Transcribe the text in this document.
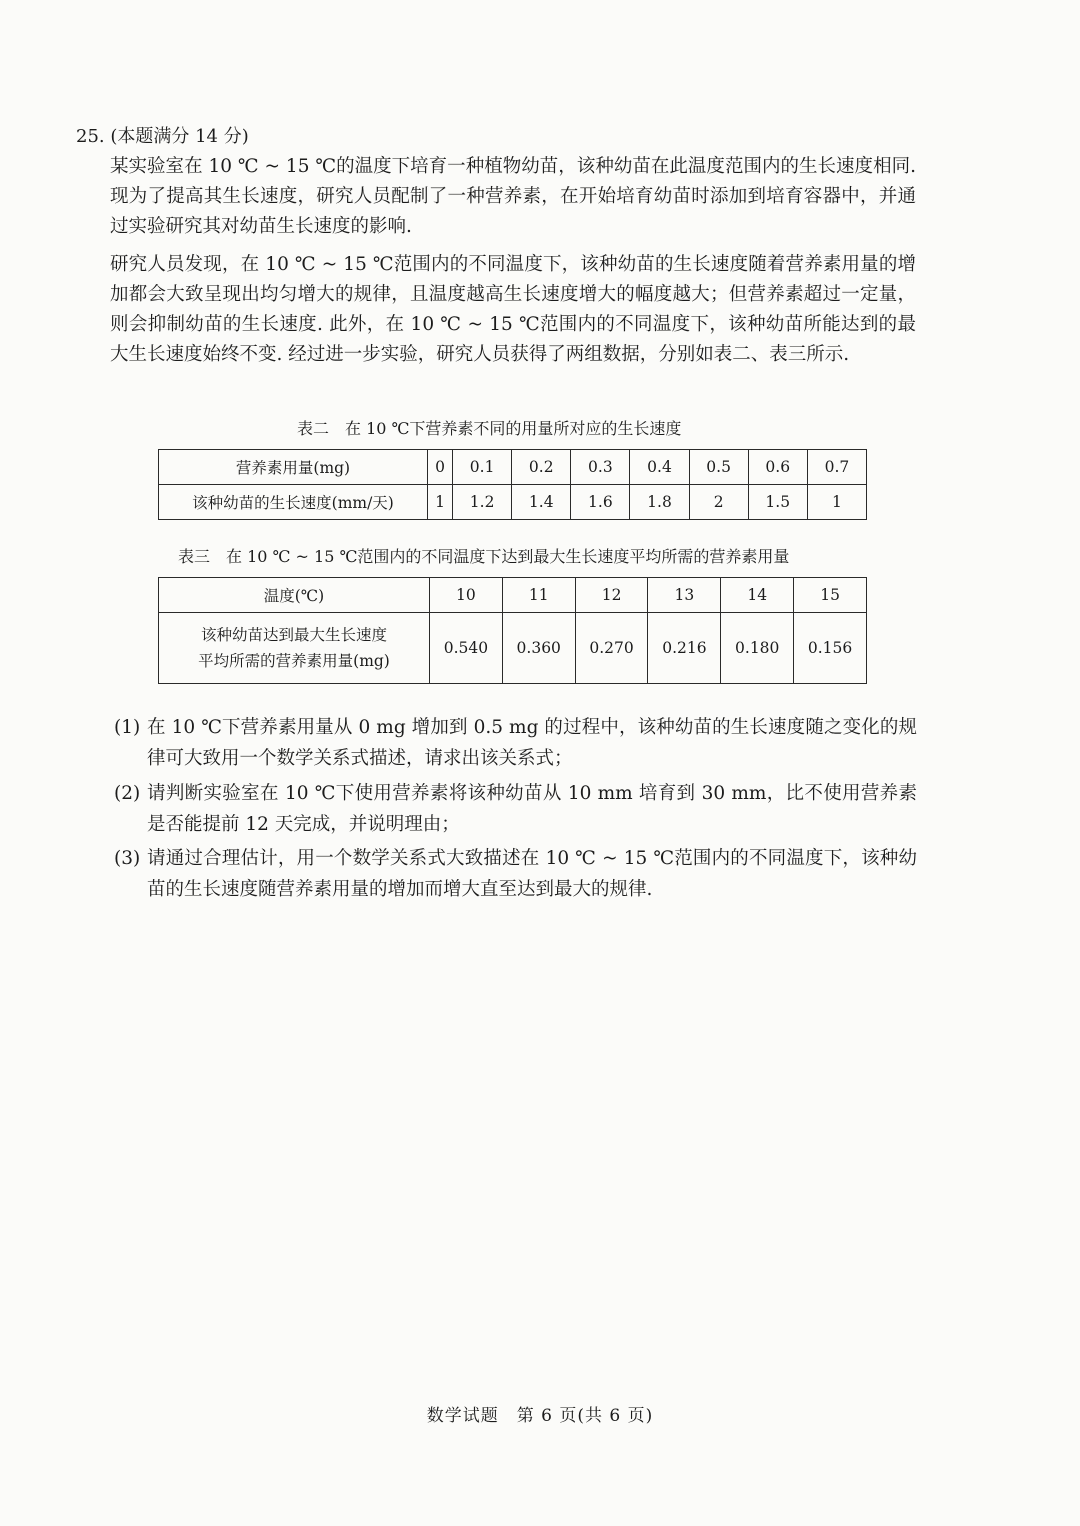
25. (本题满分 14 分)

某实验室在 10 ℃ ~ 15 ℃的温度下培育一种植物幼苗，该种幼苗在此温度范围内的生长速度相同. 现为了提高其生长速度，研究人员配制了一种营养素，在开始培育幼苗时添加到培育容器中，并通过实验研究其对幼苗生长速度的影响.

研究人员发现，在 10 ℃ ~ 15 ℃范围内的不同温度下，该种幼苗的生长速度随着营养素用量的增加都会大致呈现出均匀增大的规律，且温度越高生长速度增大的幅度越大；但营养素超过一定量，则会抑制幼苗的生长速度. 此外，在 10 ℃ ~ 15 ℃范围内的不同温度下，该种幼苗所能达到的最大生长速度始终不变. 经过进一步实验，研究人员获得了两组数据，分别如表二、表三所示.

表二　在 10 ℃下营养素不同的用量所对应的生长速度
营养素用量(mg)	0	0.1	0.2	0.3	0.4	0.5	0.6	0.7
该种幼苗的生长速度(mm/天)	1	1.2	1.4	1.6	1.8	2	1.5	1
表三　在 10 ℃ ~ 15 ℃范围内的不同温度下达到最大生长速度平均所需的营养素用量
温度(℃)	10	11	12	13	14	15

该种幼苗达到最大生长速度
平均所需的营养素用量(mg)	0.540	0.360	0.270	0.216	0.180	0.156
(1) 在 10 ℃下营养素用量从 0 mg 增加到 0.5 mg 的过程中，该种幼苗的生长速度随之变化的规律可大致用一个数学关系式描述，请求出该关系式；
(2) 请判断实验室在 10 ℃下使用营养素将该种幼苗从 10 mm 培育到 30 mm，比不使用营养素是否能提前 12 天完成，并说明理由；
(3) 请通过合理估计，用一个数学关系式大致描述在 10 ℃ ~ 15 ℃范围内的不同温度下，该种幼苗的生长速度随营养素用量的增加而增大直至达到最大的规律.
数学试题　第 6 页(共 6 页)
